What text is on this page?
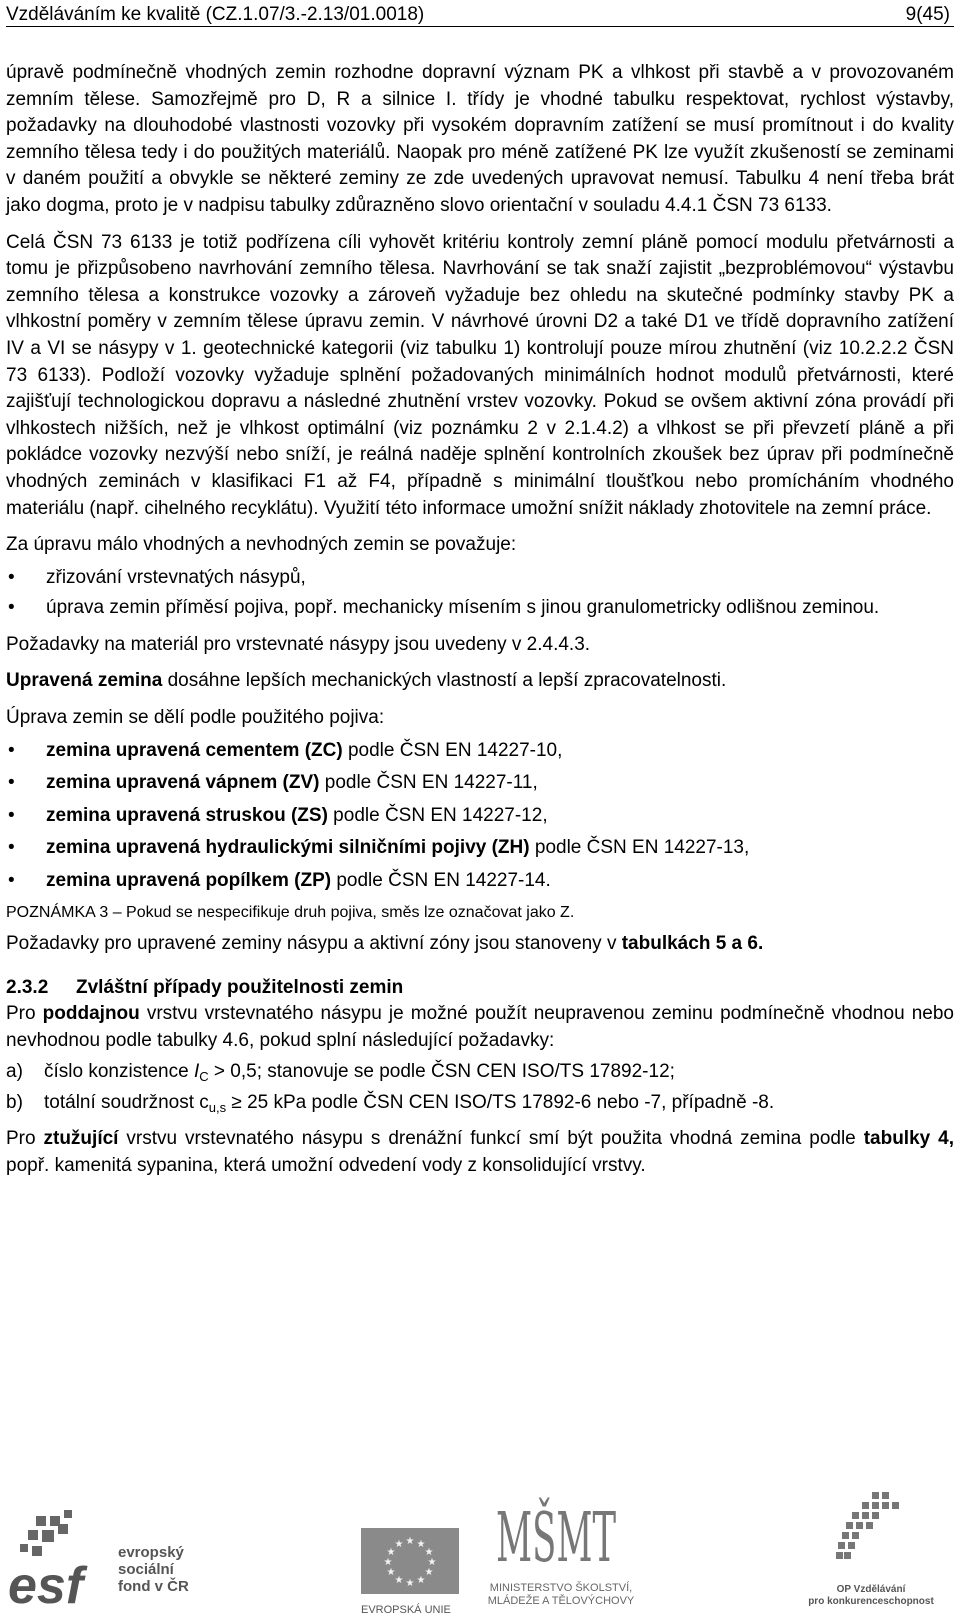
Vzděláváním ke kvalitě (CZ.1.07/3.-2.13/01.0018)	9(45)

úpravě podmínečně vhodných zemin rozhodne dopravní význam PK a vlhkost při stavbě a v provozovaném zemním tělese. Samozřejmě pro D, R a silnice I. třídy je vhodné tabulku respektovat, rychlost výstavby, požadavky na dlouhodobé vlastnosti vozovky při vysokém dopravním zatížení se musí promítnout i do kvality zemního tělesa tedy i do použitých materiálů. Naopak pro méně zatížené PK lze využít zkušeností se zeminami v daném použití a obvykle se některé zeminy ze zde uvedených upravovat nemusí. Tabulku 4 není třeba brát jako dogma, proto je v nadpisu tabulky zdůrazněno slovo orientační v souladu 4.4.1 ČSN 73 6133.

Celá ČSN 73 6133 je totiž podřízena cíli vyhovět kritériu kontroly zemní pláně pomocí modulu přetvárnosti a tomu je přizpůsobeno navrhování zemního tělesa. Navrhování se tak snaží zajistit „bezproblémovou“ výstavbu zemního tělesa a konstrukce vozovky a zároveň vyžaduje bez ohledu na skutečné podmínky stavby PK a vlhkostní poměry v zemním tělese úpravu zemin. V návrhové úrovni D2 a také D1 ve třídě dopravního zatížení IV a VI se násypy v 1. geotechnické kategorii (viz tabulku 1) kontrolují pouze mírou zhutnění (viz 10.2.2.2 ČSN 73 6133). Podloží vozovky vyžaduje splnění požadovaných minimálních hodnot modulů přetvárnosti, které zajišťují technologickou dopravu a následné zhutnění vrstev vozovky. Pokud se ovšem aktivní zóna provádí při vlhkostech nižších, než je vlhkost optimální (viz poznámku 2 v 2.1.4.2) a vlhkost se při převzetí pláně a při pokládce vozovky nezvýší nebo sníží, je reálná naděje splnění kontrolních zkoušek bez úprav při podmínečně vhodných zeminách v klasifikaci F1 až F4, případně s minimální tloušťkou nebo promícháním vhodného materiálu (např. cihelného recyklátu). Využití této informace umožní snížit náklady zhotovitele na zemní práce.

Za úpravu málo vhodných a nevhodných zemin se považuje:

• zřizování vrstevnatých násypů,
• úprava zemin příměsí pojiva, popř. mechanicky mísením s jinou granulometricky odlišnou zeminou.

Požadavky na materiál pro vrstevnaté násypy jsou uvedeny v 2.4.4.3.

Upravená zemina dosáhne lepších mechanických vlastností a lepší zpracovatelnosti.

Úprava zemin se dělí podle použitého pojiva:

• zemina upravená cementem (ZC) podle ČSN EN 14227-10,
• zemina upravená vápnem (ZV) podle ČSN EN 14227-11,
• zemina upravená struskou (ZS) podle ČSN EN 14227-12,
• zemina upravená hydraulickými silničními pojivy (ZH) podle ČSN EN 14227-13,
• zemina upravená popílkem (ZP) podle ČSN EN 14227-14.

POZNÁMKA 3 – Pokud se nespecifikuje druh pojiva, směs lze označovat jako Z.

Požadavky pro upravené zeminy násypu a aktivní zóny jsou stanoveny v tabulkách 5 a 6.

2.3.2 Zvláštní případy použitelnosti zemin

Pro poddajnou vrstvu vrstevnatého násypu je možné použít neupravenou zeminu podmínečně vhodnou nebo nevhodnou podle tabulky 4.6, pokud splní následující požadavky:

a)	číslo konzistence $I_C > 0,5$; stanovuje se podle ČSN CEN ISO/TS 17892-12;
b)	totální soudržnost $c_{u,s} \ge 25$ kPa podle ČSN CEN ISO/TS 17892-6 nebo -7, případně -8.

Pro ztužující vrstvu vrstevnatého násypu s drenážní funkcí smí být použita vhodná zemina podle tabulky 4, popř. kamenitá sypanina, která umožní odvedení vody z konsolidující vrstvy.

esf
evropský
sociální
fond v ČR
★ ★
★
★
★
★
★
★
★
★
★
★
EVROPSKÁ UNIE
MŠMT
MINISTERSTVO ŠKOLSTVÍ,
MLÁDEŽE A TĚLOVÝCHOVY
OP Vzdělávání
pro konkurenceschopnost
